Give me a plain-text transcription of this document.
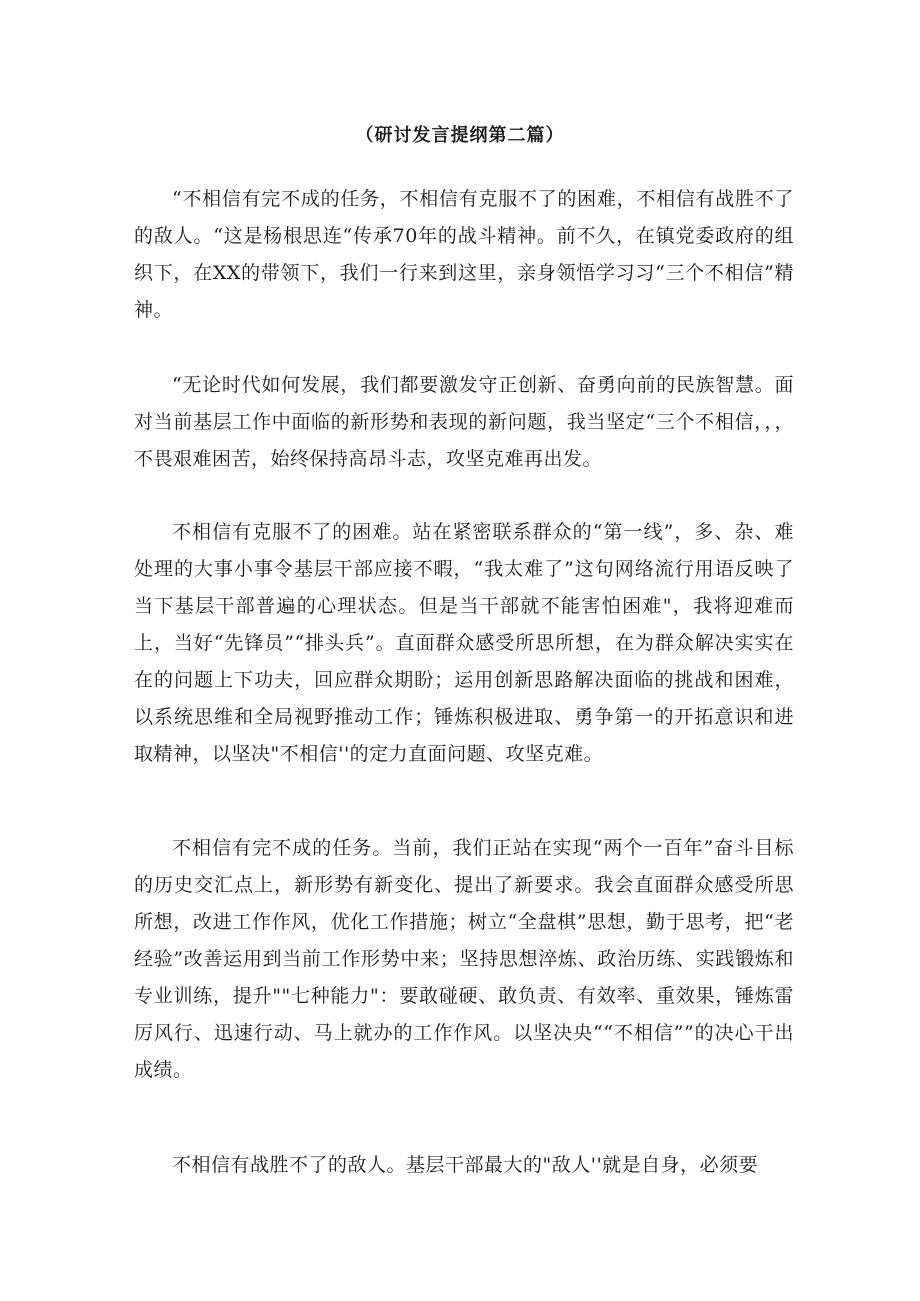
（研讨发言提纲第二篇）

“不相信有完不成的任务，不相信有克服不了的困难，不相信有战胜不了的敌人。“这是杨根思连“传承70年的战斗精神。前不久，在镇党委政府的组织下，在XX的带领下，我们一行来到这里，亲身领悟学习习“三个不相信”精神。

“无论时代如何发展，我们都要激发守正创新、奋勇向前的民族智慧。面对当前基层工作中面临的新形势和表现的新问题，我当坚定“三个不相信，，，不畏艰难困苦，始终保持高昂斗志，攻坚克难再出发。

不相信有克服不了的困难。站在紧密联系群众的“第一线”，多、杂、难处理的大事小事令基层干部应接不暇，“我太难了”这句网络流行用语反映了当下基层干部普遍的心理状态。但是当干部就不能害怕困难"，我将迎难而上，当好“先锋员”“排头兵”。直面群众感受所思所想，在为群众解决实实在在的问题上下功夫，回应群众期盼；运用创新思路解决面临的挑战和困难，以系统思维和全局视野推动工作；锤炼积极进取、勇争第一的开拓意识和进取精神，以坚决"不相信''的定力直面问题、攻坚克难。

不相信有完不成的任务。当前，我们正站在实现“两个一百年”奋斗目标的历史交汇点上，新形势有新变化、提出了新要求。我会直面群众感受所思所想，改进工作作风，优化工作措施；树立“全盘棋”思想，勤于思考，把“老经验”改善运用到当前工作形势中来；坚持思想淬炼、政治历练、实践锻炼和专业训练，提升""七种能力"：要敢碰硬、敢负责、有效率、重效果，锤炼雷厉风行、迅速行动、马上就办的工作作风。以坚决央““不相信””的决心干出成绩。

不相信有战胜不了的敌人。基层干部最大的"敌人''就是自身，必须要
